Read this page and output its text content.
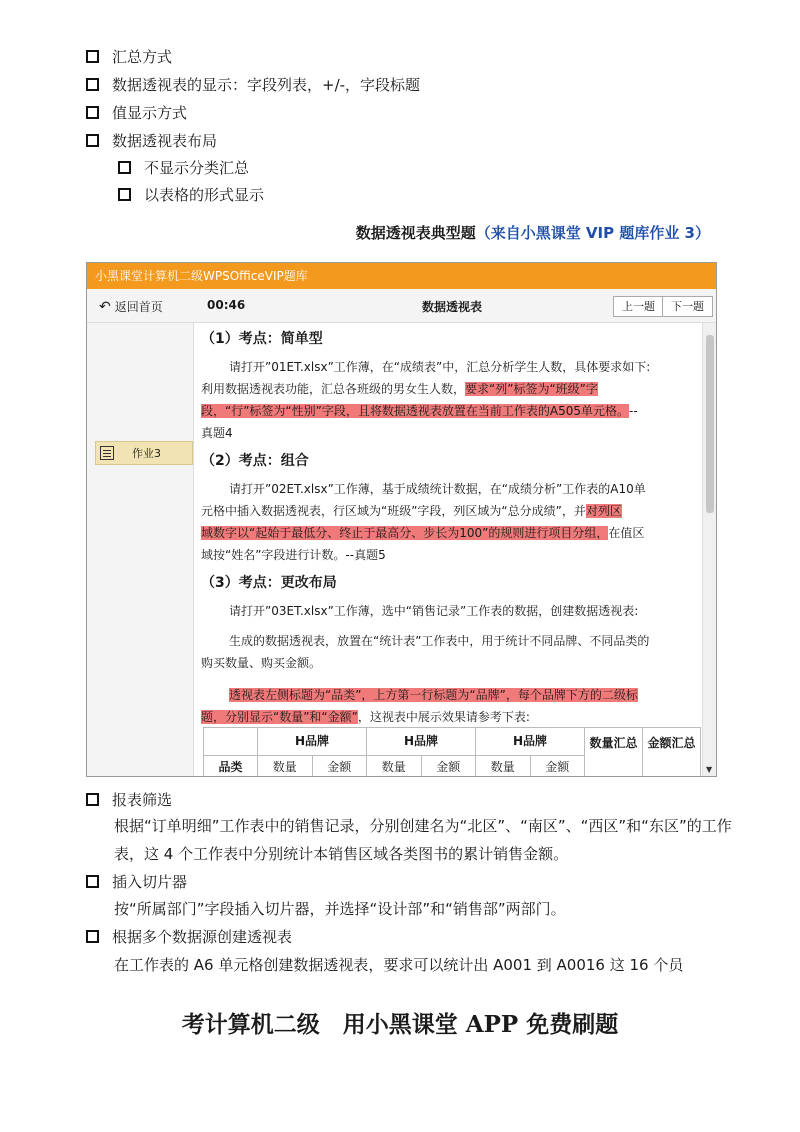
汇总方式
数据透视表的显示：字段列表，+/-，字段标题
值显示方式
数据透视表布局
不显示分类汇总
以表格的形式显示
数据透视表典型题（来自小黑课堂 VIP 题库作业 3）
小黑课堂计算机二级WPSOfficeVIP题库
↶ 返回首页	00:46	数据透视表	上一题	下一题
作业3
（1）考点：简单型
请打开”01ET.xlsx”工作薄，在“成绩表”中，汇总分析学生人数，具体要求如下:
利用数据透视表功能，汇总各班级的男女生人数，要求“列”标签为“班级”字
段，“行”标签为“性别”字段，且将数据透视表放置在当前工作表的A505单元格。--
真题4
（2）考点：组合
请打开”02ET.xlsx”工作薄，基于成绩统计数据，在“成绩分析”工作表的A10单
元格中插入数据透视表，行区域为“班级”字段，列区域为“总分成绩”，并对列区
域数字以“起始于最低分、终止于最高分、步长为100”的规则进行项目分组，在值区
域按“姓名”字段进行计数。--真题5
（3）考点：更改布局
请打开”03ET.xlsx”工作薄，选中“销售记录”工作表的数据，创建数据透视表:
生成的数据透视表，放置在“统计表”工作表中，用于统计不同品牌、不同品类的
购买数量、购买金额。
透视表左侧标题为“品类”，上方第一行标题为“品牌”，每个品牌下方的二级标
题，分别显示“数量”和“金额”，这视表中展示效果请参考下表:
	H品牌		H品牌		H品牌		数量汇总	金额汇总
品类	数量	金额	数量	金额	数量	金额			▼
报表筛选
根据“订单明细”工作表中的销售记录，分别创建名为“北区”、“南区”、“西区”和“东区”的工作表，这 4 个工作表中分别统计本销售区域各类图书的累计销售金额。
插入切片器
按“所属部门”字段插入切片器，并选择“设计部”和“销售部”两部门。
根据多个数据源创建透视表
在工作表的 A6 单元格创建数据透视表，要求可以统计出 A001 到 A0016 这 16 个员
考计算机二级　用小黑课堂 APP 免费刷题
